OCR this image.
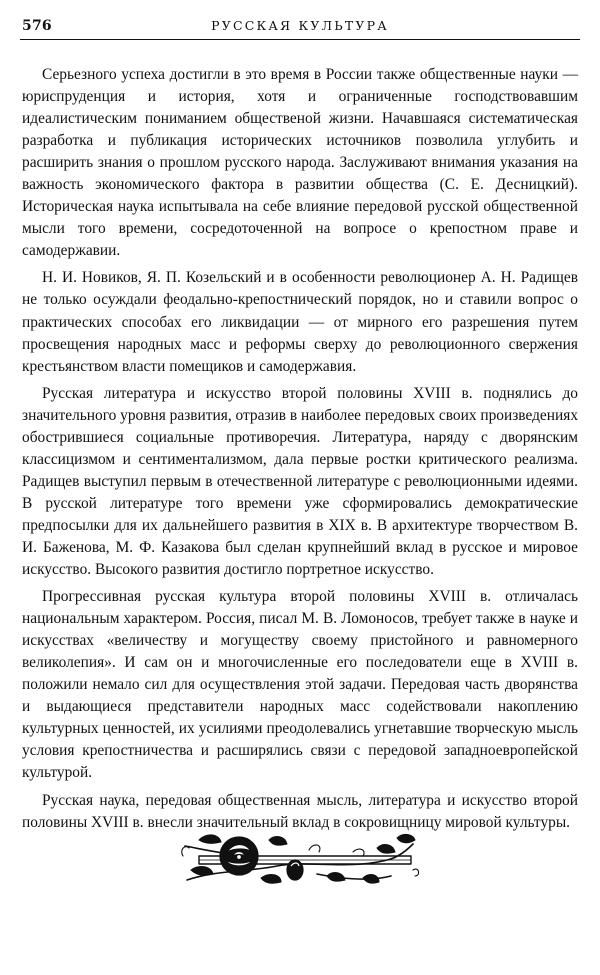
576	РУССКАЯ КУЛЬТУРА

Серьезного успеха достигли в это время в России также общественные науки — юриспруденция и история, хотя и ограниченные господствовавшим идеалистическим пониманием общественой жизни. Начавшаяся систематическая разработка и публикация исторических источников позволила углубить и расширить знания о прошлом русского народа. Заслуживают внимания указания на важность экономического фактора в развитии общества (С. Е. Десницкий). Историческая наука испытывала на себе влияние передовой русской общественной мысли того времени, сосредоточенной на вопросе о крепостном праве и самодержавии.

Н. И. Новиков, Я. П. Козельский и в особенности революционер А. Н. Радищев не только осуждали феодально-крепостнический порядок, но и ставили вопрос о практических способах его ликвидации — от мирного его разрешения путем просвещения народных масс и реформы сверху до революционного свержения крестьянством власти помещиков и самодержавия.

Русская литература и искусство второй половины XVIII в. поднялись до значительного уровня развития, отразив в наиболее передовых своих произведениях обострившиеся социальные противоречия. Литература, наряду с дворянским классицизмом и сентиментализмом, дала первые ростки критического реализма. Радищев выступил первым в отечественной литературе с революционными идеями. В русской литературе того времени уже сформировались демократические предпосылки для их дальнейшего развития в XIX в. В архитектуре творчеством В. И. Баженова, М. Ф. Казакова был сделан крупнейший вклад в русское и мировое искусство. Высокого развития достигло портретное искусство.

Прогрессивная русская культура второй половины XVIII в. отличалась национальным характером. Россия, писал М. В. Ломоносов, требует также в науке и искусствах «величеству и могуществу своему пристойного и равномерного великолепия». И сам он и многочисленные его последователи еще в XVIII в. положили немало сил для осуществления этой задачи. Передовая часть дворянства и выдающиеся представители народных масс содействовали накоплению культурных ценностей, их усилиями преодолевались угнетавшие творческую мысль условия крепостничества и расширялись связи с передовой западноевропейской культурой.

Русская наука, передовая общественная мысль, литература и искусство второй половины XVIII в. внесли значительный вклад в сокровищницу мировой культуры.
